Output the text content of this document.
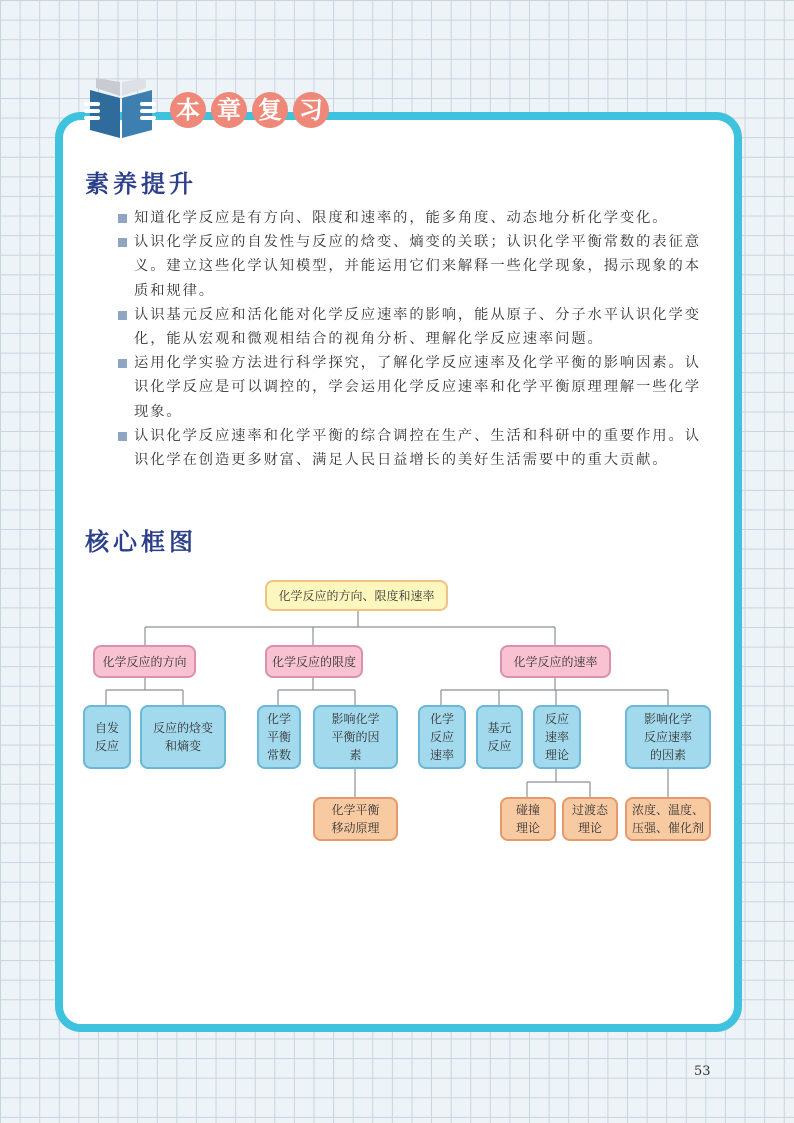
本 章 复 习
素养提升
知道化学反应是有方向、限度和速率的，能多角度、动态地分析化学变化。
认识化学反应的自发性与反应的焓变、熵变的关联；认识化学平衡常数的表征意义。建立这些化学认知模型，并能运用它们来解释一些化学现象，揭示现象的本质和规律。
认识基元反应和活化能对化学反应速率的影响，能从原子、分子水平认识化学变化，能从宏观和微观相结合的视角分析、理解化学反应速率问题。
运用化学实验方法进行科学探究，了解化学反应速率及化学平衡的影响因素。认识化学反应是可以调控的，学会运用化学反应速率和化学平衡原理理解一些化学现象。
认识化学反应速率和化学平衡的综合调控在生产、生活和科研中的重要作用。认识化学在创造更多财富、满足人民日益增长的美好生活需要中的重大贡献。
核心框图
化学反应的方向、限度和速率
化学反应的方向	化学反应的限度	化学反应的速率
自发反应
反应的焓变和熵变
化学平衡常数
影响化学平衡的因素
化学反应速率
基元反应
反应速率理论
影响化学反应速率的因素
化学平衡移动原理
碰撞理论
过渡态理论
浓度、温度、压强、催化剂
53
